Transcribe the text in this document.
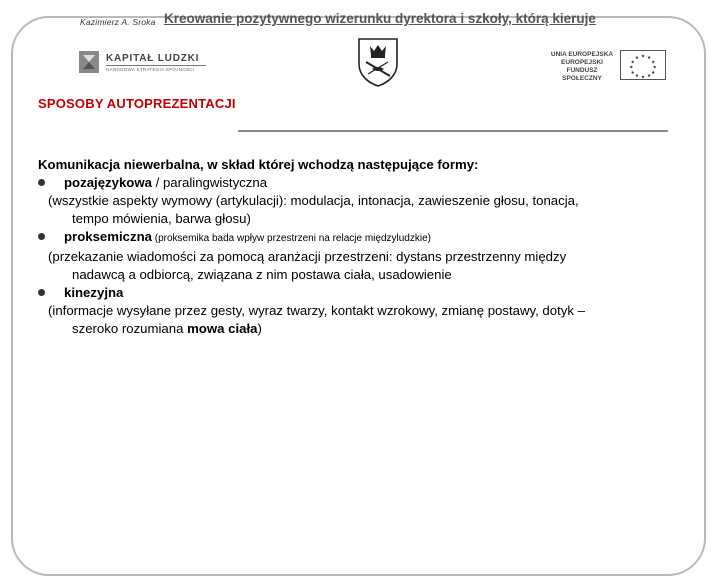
Kazimierz A. Sroka Kreowanie pozytywnego wizerunku dyrektora i szkoły, którą kieruje
KAPITAŁ LUDZKI
NARODOWA STRATEGIA SPÓJNOŚCI
UNIA EUROPEJSKA
EUROPEJSKI
FUNDUSZ SPOŁECZNY
★ ★
★
★
★
★
★
★
★
★
★
★
SPOSOBY AUTOPREZENTACJI
Komunikacja niewerbalna, w skład której wchodzą następujące formy:
pozajęzykowa / paralingwistyczna
(wszystkie aspekty wymowy (artykulacji): modulacja, intonacja, zawieszenie głosu, tonacja,
tempo mówienia, barwa głosu)
proksemiczna (proksemika bada wpływ przestrzeni na relacje międzyludzkie)
(przekazanie wiadomości za pomocą aranżacji przestrzeni: dystans przestrzenny między
nadawcą a odbiorcą, związana z nim postawa ciała, usadowienie
kinezyjna
(informacje wysyłane przez gesty, wyraz twarzy, kontakt wzrokowy, zmianę postawy, dotyk –
szeroko rozumiana mowa ciała)
